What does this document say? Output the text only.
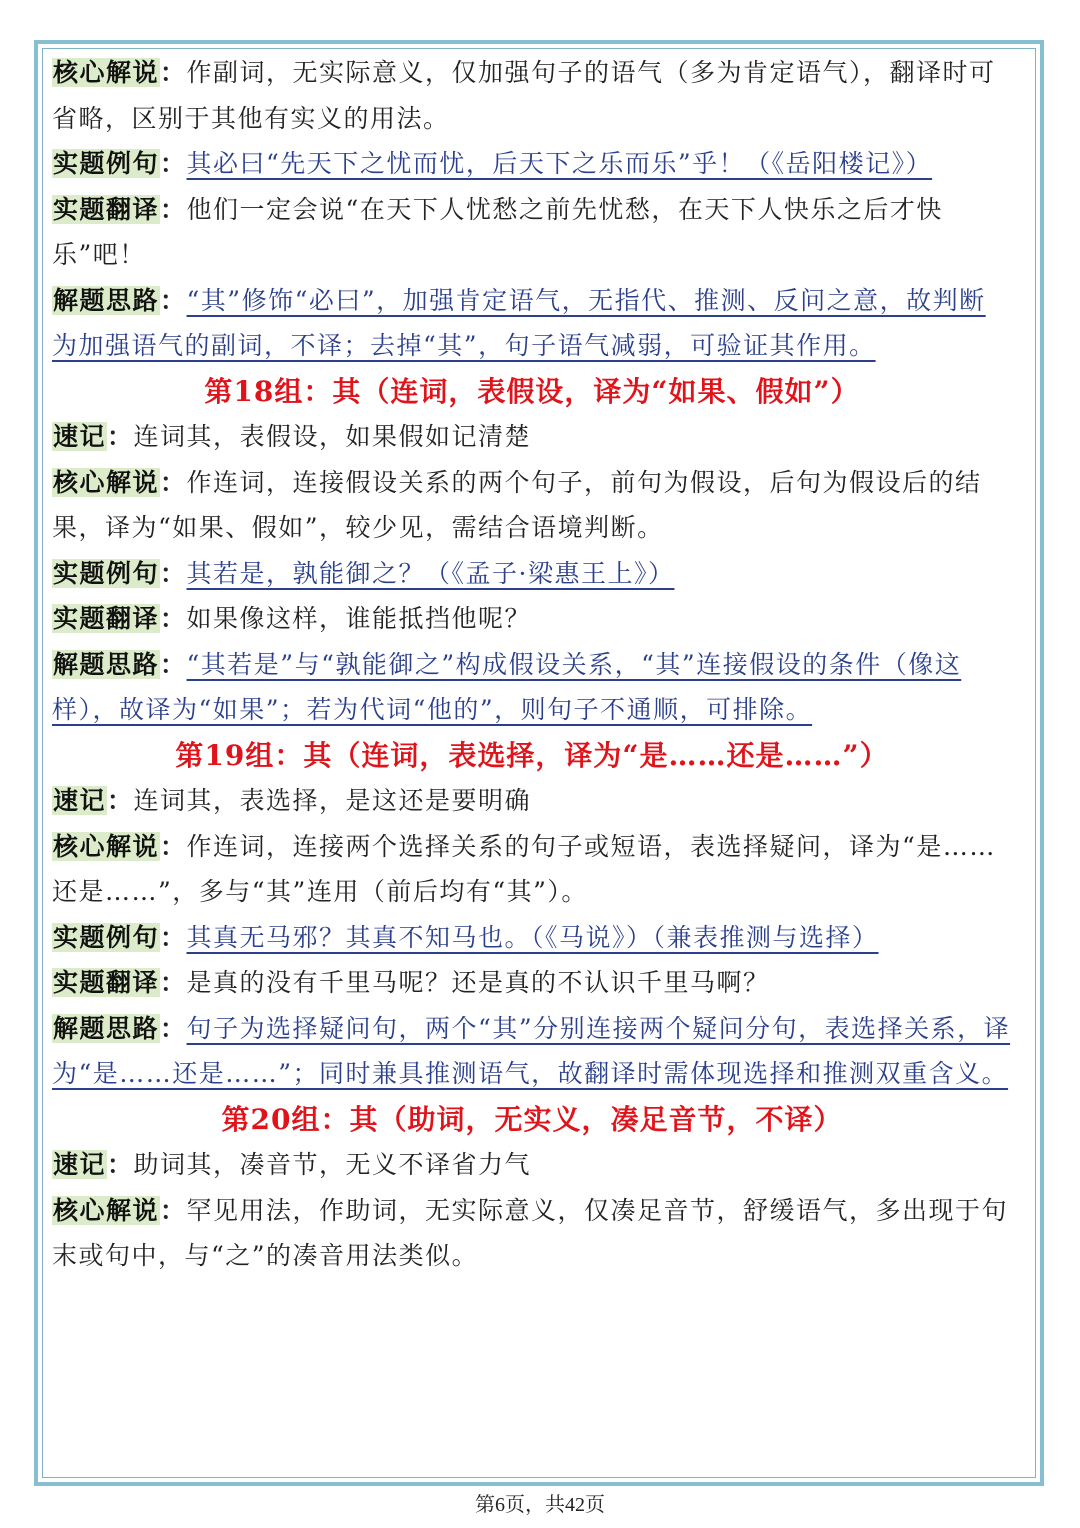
核心解说：作副词，无实际意义，仅加强句子的语气（多为肯定语气），翻译时可省略，区别于其他有实义的用法。

实题例句：其必曰“先天下之忧而忧，后天下之乐而乐”乎！（《岳阳楼记》）

实题翻译：他们一定会说“在天下人忧愁之前先忧愁，在天下人快乐之后才快乐”吧！

解题思路：“其”修饰“必曰”，加强肯定语气，无指代、推测、反问之意，故判断为加强语气的副词，不译；去掉“其”，句子语气减弱，可验证其作用。

第18组：其（连词，表假设，译为“如果、假如”）

速记：连词其，表假设，如果假如记清楚

核心解说：作连词，连接假设关系的两个句子，前句为假设，后句为假设后的结果，译为“如果、假如”，较少见，需结合语境判断。

实题例句：其若是，孰能御之？（《孟子·梁惠王上》）

实题翻译：如果像这样，谁能抵挡他呢？

解题思路：“其若是”与“孰能御之”构成假设关系，“其”连接假设的条件（像这样），故译为“如果”；若为代词“他的”，则句子不通顺，可排除。

第19组：其（连词，表选择，译为“是……还是……”）

速记：连词其，表选择，是这还是要明确

核心解说：作连词，连接两个选择关系的句子或短语，表选择疑问，译为“是……还是……”，多与“其”连用（前后均有“其”）。

实题例句：其真无马邪？其真不知马也。（《马说》）（兼表推测与选择）

实题翻译：是真的没有千里马呢？还是真的不认识千里马啊？

解题思路：句子为选择疑问句，两个“其”分别连接两个疑问分句，表选择关系，译为“是……还是……”；同时兼具推测语气，故翻译时需体现选择和推测双重含义。

第20组：其（助词，无实义，凑足音节，不译）

速记：助词其，凑音节，无义不译省力气

核心解说：罕见用法，作助词，无实际意义，仅凑足音节，舒缓语气，多出现于句末或句中，与“之”的凑音用法类似。

第6页，共42页
